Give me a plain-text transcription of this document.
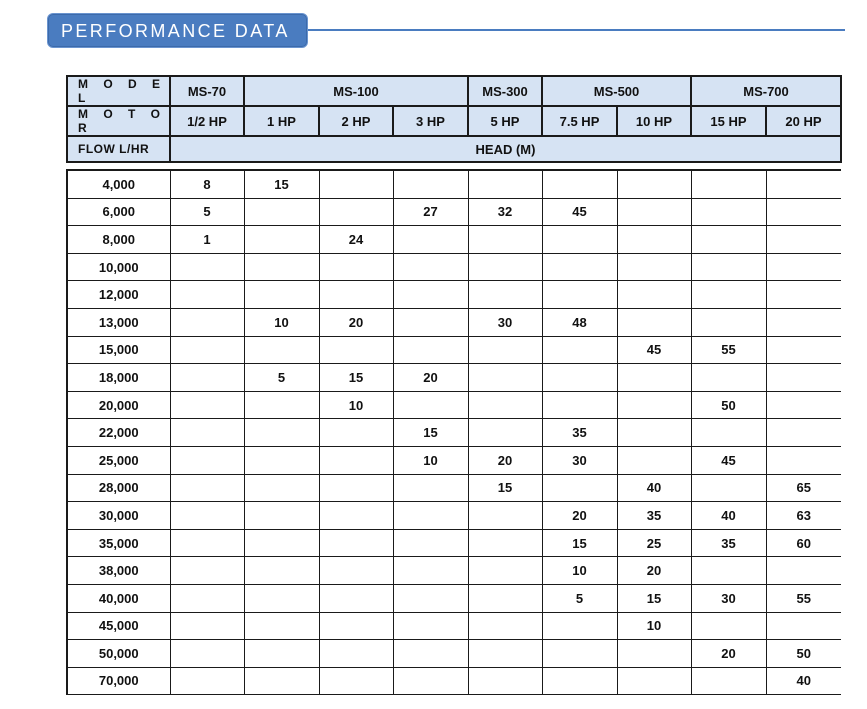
PERFORMANCE DATA
M O D E L	MS-70	MS-100			MS-300	MS-500		MS-700	
M O T O R	1/2 HP	1 HP	2 HP	3 HP	5 HP	7.5 HP	10 HP	15 HP	20 HP
FLOW L/HR	HEAD (M)								
4,000	8	15							
6,000	5			27	32	45			
8,000	1		24						
10,000									
12,000									
13,000		10	20		30	48			
15,000							45	55	
18,000		5	15	20					
20,000			10					50	
22,000				15		35			
25,000				10	20	30		45	
28,000					15		40		65
30,000						20	35	40	63
35,000						15	25	35	60
38,000						10	20		
40,000						5	15	30	55
45,000							10		
50,000								20	50
70,000									40
